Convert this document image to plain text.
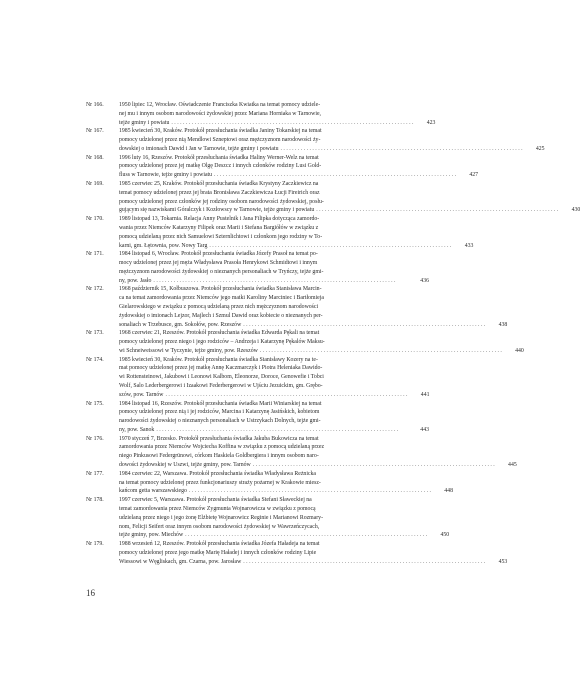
Nr 166.	1950 lipiec 12, Wrocław. Oświadczenie Franciszka Kwiatka na temat pomocy udziele-
nej mu i innym osobom narodowości żydowskiej przez Mariana Horniaka w Tarnowie,
tejże gminy i powiatu . . .	423
Nr 167.	1985 kwiecień 30, Kraków. Protokół przesłuchania świadka Janiny Tokarskiej na temat
pomocy udzielonej przez nią Mendlowi Szneptowi oraz mężczyznom narodowości ży-
dowskiej o imionach Dawid i Jan w Tarnowie, tejże gminy i powiatu . . .	425
Nr 168.	1996 luty 16, Rzeszów. Protokół przesłuchania świadka Haliny Werner-Welz na temat
pomocy udzielonej przez jej matkę Olgę Deszcz i innych członków rodziny Lusi Gold-
fluss w Tarnowie, tejże gminy i powiatu . . .	427
Nr 169.	1985 czerwiec 25, Kraków. Protokół przesłuchania świadka Krystyny Zaczkiewicz na
temat pomocy udzielonej przez jej brata Bronisława Zaczkiewicza Łucji Fireirich oraz
pomocy udzielonej przez członków jej rodziny osobom narodowości żydowskiej, posłu-
gującym się nazwiskami Góralczyk i Kozłowscy w Tarnowie, tejże gminy i powiatu . . .	430
Nr 170.	1989 listopad 13, Tokarnia. Relacja Anny Pustelnik i Jana Filipka dotycząca zamordo-
wania przez Niemców Katarzyny Filipek oraz Marii i Stefana Bargiółów w związku z
pomocą udzielaną przez nich Samuelowi Szternlichtowi i członkom jego rodziny w To-
karni, gm. Łętownia, pow. Nowy Targ . . .	433
Nr 171.	1984 listopad 6, Wrocław. Protokół przesłuchania świadka Józefy Prasoł na temat po-
mocy udzielonej przez jej męża Władysława Prasoła Henrykowi Schmidtowi i innym
mężczyznom narodowości żydowskiej o nieznanych personaliach w Tryńczy, tejże gmi-
ny, pow. Jasło . . .	436
Nr 172.	1968 październik 15, Kołbuszowa. Protokół przesłuchania świadka Stanisława Marcin-
ca na temat zamordowania przez Niemców jego matki Karoliny Marciniec i Bartłomieja
Gielarowskiego w związku z pomocą udzielaną przez nich mężczyznom narodowości
żydowskiej o imionach Lejzor, Majlech i Szmul Dawid oraz kobiecie o nieznanych per-
sonaliach w Trzebusce, gm. Sokołów, pow. Rzeszów . . .	438
Nr 173.	1968 czerwiec 21, Rzeszów. Protokół przesłuchania świadka Edwarda Pękali na temat
pomocy udzielonej przez niego i jego rodziców – Andrzeja i Katarzynę Pękalów Maksu-
wi Schneiweissowi w Tyczynie, tejże gminy, pow. Rzeszów . . .	440
Nr 174.	1985 kwiecień 30, Kraków. Protokół przesłuchania świadka Stanisławy Kozery na te-
mat pomocy udzielonej przez jej matkę Annę Kaczmarczyk i Piotra Heleniaka Dawido-
wi Rottensteinowi, Jakubowi i Leonowi Kalbom, Eleonorze, Doroce, Genowefie i Tobci
Wolf, Salo Lederbergerowi i Izaakowi Federbergerowi w Ujściu Jezuickim, gm. Grębo-
szów, pow. Tarnów . . .	441
Nr 175.	1984 listopad 16, Rzeszów. Protokół przesłuchania świadka Marii Winiarskiej na temat
pomocy udzielonej przez nią i jej rodziców, Marcina i Katarzynę Jasińskich, kobietom
narodowości żydowskiej o nieznanych personaliach w Ustrzykach Dolnych, tejże gmi-
ny, pow. Sanok . . .	443
Nr 176.	1970 styczeń 7, Brzesko. Protokół przesłuchania świadka Jakuba Bukowicza na temat
zamordowania przez Niemców Wojciecha Koffina w związku z pomocą udzielaną przez
niego Pinkusowi Federgrünowi, córkom Haskiela Goldbergiera i innym osobom naro-
dowości żydowskiej w Uszwi, tejże gminy, pow. Tarnów . . .	445
Nr 177.	1984 czerwiec 22, Warszawa. Protokół przesłuchania świadka Władysława Reżnicka
na temat pomocy udzielonej przez funkcjonariuszy straży pożarnej w Krakowie miesz-
kańcom getta warszawskiego . . .	448
Nr 178.	1997 czerwiec 5, Warszawa. Protokół przesłuchania świadka Stefani Sławeckiej na
temat zamordowania przez Niemców Zygmunta Wojnarowicza w związku z pomocą
udzielaną przez niego i jego żonę Elżbietę Wojnarowicz Reginie i Marianowi Rozmary-
nom, Felicji Seifert oraz innym osobom narodowości żydowskiej w Wawrzeńczycach,
tejże gminy, pow. Miechów . . .	450
Nr 179.	1988 wrzesień 12, Rzeszów. Protokół przesłuchania świadka Józefa Haładeja na temat
pomocy udzielonej przez jego matkę Marię Haładej i innych członków rodziny Lipie
Wiessowi w Węgliskach, gm. Czarna, pow. Jarosław . . .	453
16
